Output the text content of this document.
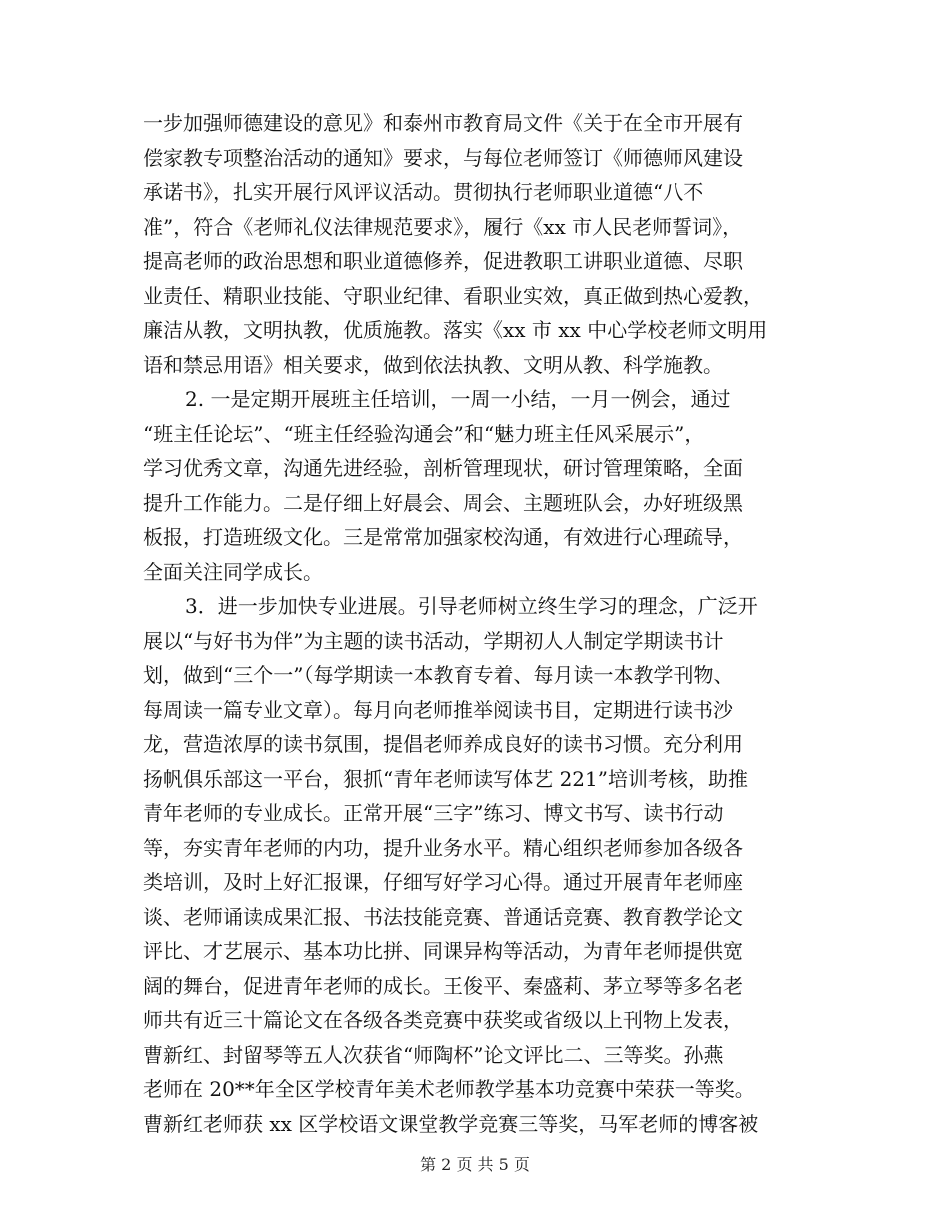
一步加强师德建设的意见》和泰州市教育局文件《关于在全市开展有
偿家教专项整治活动的通知》要求，与每位老师签订《师德师风建设
承诺书》，扎实开展行风评议活动。贯彻执行老师职业道德“八不
准”，符合《老师礼仪法律规范要求》，履行《xx 市人民老师誓词》，
提高老师的政治思想和职业道德修养，促进教职工讲职业道德、尽职
业责任、精职业技能、守职业纪律、看职业实效，真正做到热心爱教，
廉洁从教，文明执教，优质施教。落实《xx 市 xx 中心学校老师文明用
语和禁忌用语》相关要求，做到依法执教、文明从教、科学施教。
2. 一是定期开展班主任培训，一周一小结，一月一例会，通过
“班主任论坛”、“班主任经验沟通会”和“魅力班主任风采展示”，
学习优秀文章，沟通先进经验，剖析管理现状，研讨管理策略，全面
提升工作能力。二是仔细上好晨会、周会、主题班队会，办好班级黑
板报，打造班级文化。三是常常加强家校沟通，有效进行心理疏导，
全面关注同学成长。
3．进一步加快专业进展。引导老师树立终生学习的理念，广泛开
展以“与好书为伴”为主题的读书活动，学期初人人制定学期读书计
划，做到“三个一”（每学期读一本教育专着、每月读一本教学刊物、
每周读一篇专业文章）。每月向老师推举阅读书目，定期进行读书沙
龙，营造浓厚的读书氛围，提倡老师养成良好的读书习惯。充分利用
扬帆俱乐部这一平台，狠抓“青年老师读写体艺 221”培训考核，助推
青年老师的专业成长。正常开展“三字”练习、博文书写、读书行动
等，夯实青年老师的内功，提升业务水平。精心组织老师参加各级各
类培训，及时上好汇报课，仔细写好学习心得。通过开展青年老师座
谈、老师诵读成果汇报、书法技能竞赛、普通话竞赛、教育教学论文
评比、才艺展示、基本功比拼、同课异构等活动，为青年老师提供宽
阔的舞台，促进青年老师的成长。王俊平、秦盛莉、茅立琴等多名老
师共有近三十篇论文在各级各类竞赛中获奖或省级以上刊物上发表，
曹新红、封留琴等五人次获省“师陶杯”论文评比二、三等奖。孙燕
老师在 20**年全区学校青年美术老师教学基本功竞赛中荣获一等奖。
曹新红老师获 xx 区学校语文课堂教学竞赛三等奖，马军老师的博客被
第 2 页 共 5 页
